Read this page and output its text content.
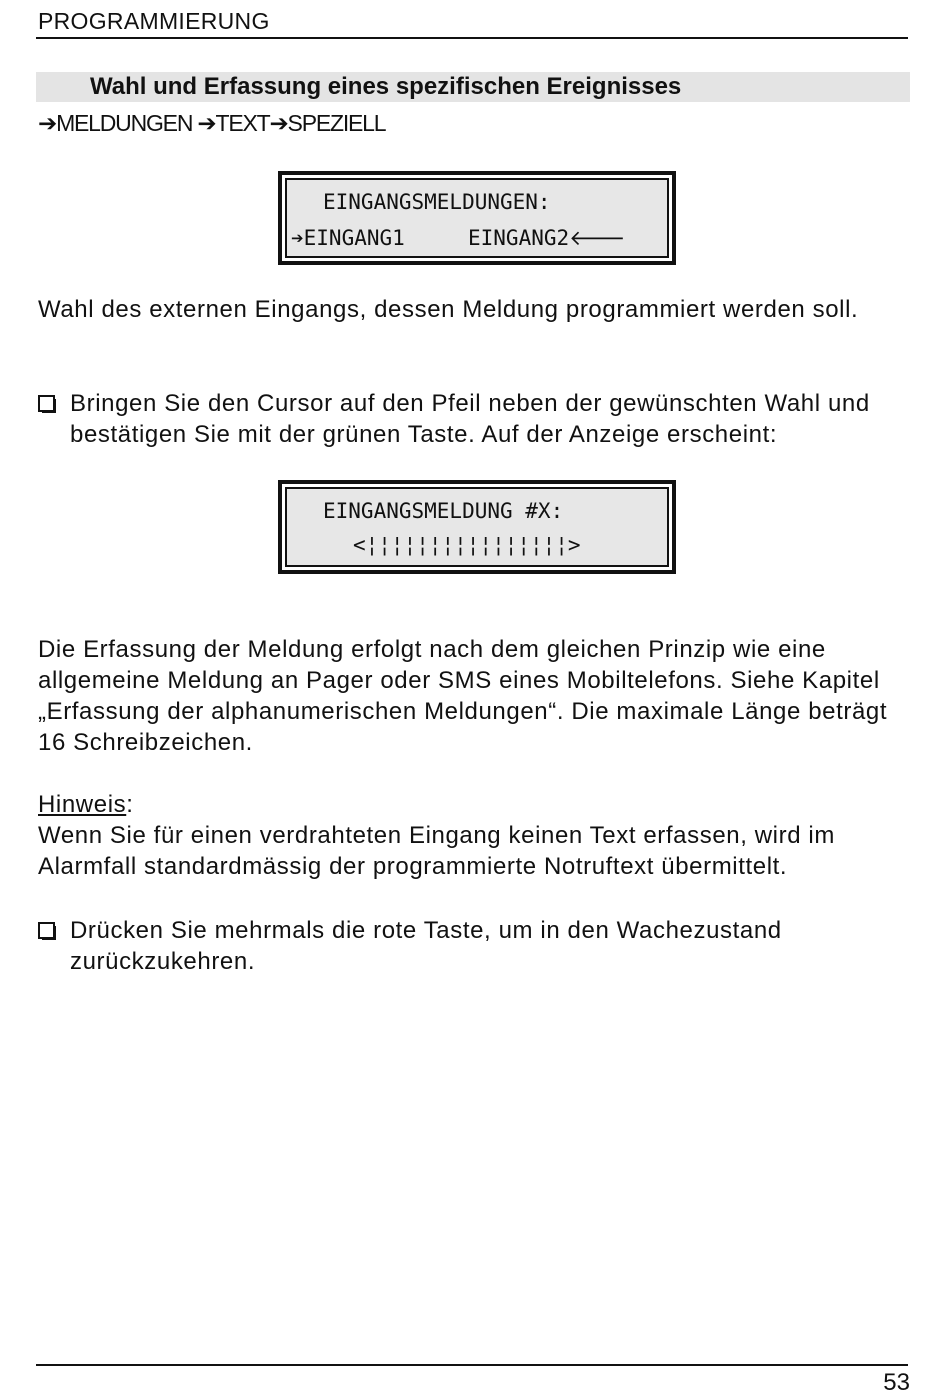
PROGRAMMIERUNG
Wahl und Erfassung eines spezifischen Ereignisses
➔MELDUNGEN ➔TEXT➔SPEZIELL
EINGANGSMELDUNGEN:
➔EINGANG1     EINGANG2🡐
Wahl des externen Eingangs, dessen Meldung programmiert werden soll.
Bringen Sie den Cursor auf den Pfeil neben der gewünschten Wahl und bestätigen Sie mit der grünen Taste. Auf der Anzeige erscheint:
EINGANGSMELDUNG #X:
<¦¦¦¦¦¦¦¦¦¦¦¦¦¦¦¦>
Die Erfassung der Meldung erfolgt nach dem gleichen Prinzip wie eine allgemeine Meldung an Pager oder SMS eines Mobiltelefons. Siehe Kapitel „Erfassung der alphanumerischen Meldungen“. Die maximale Länge beträgt 16 Schreibzeichen.
Hinweis:
Wenn Sie für einen verdrahteten Eingang keinen Text erfassen, wird im Alarmfall standardmässig der programmierte Notruftext übermittelt.
Drücken Sie mehrmals die rote Taste, um in den Wachezustand zurückzukehren.
53
